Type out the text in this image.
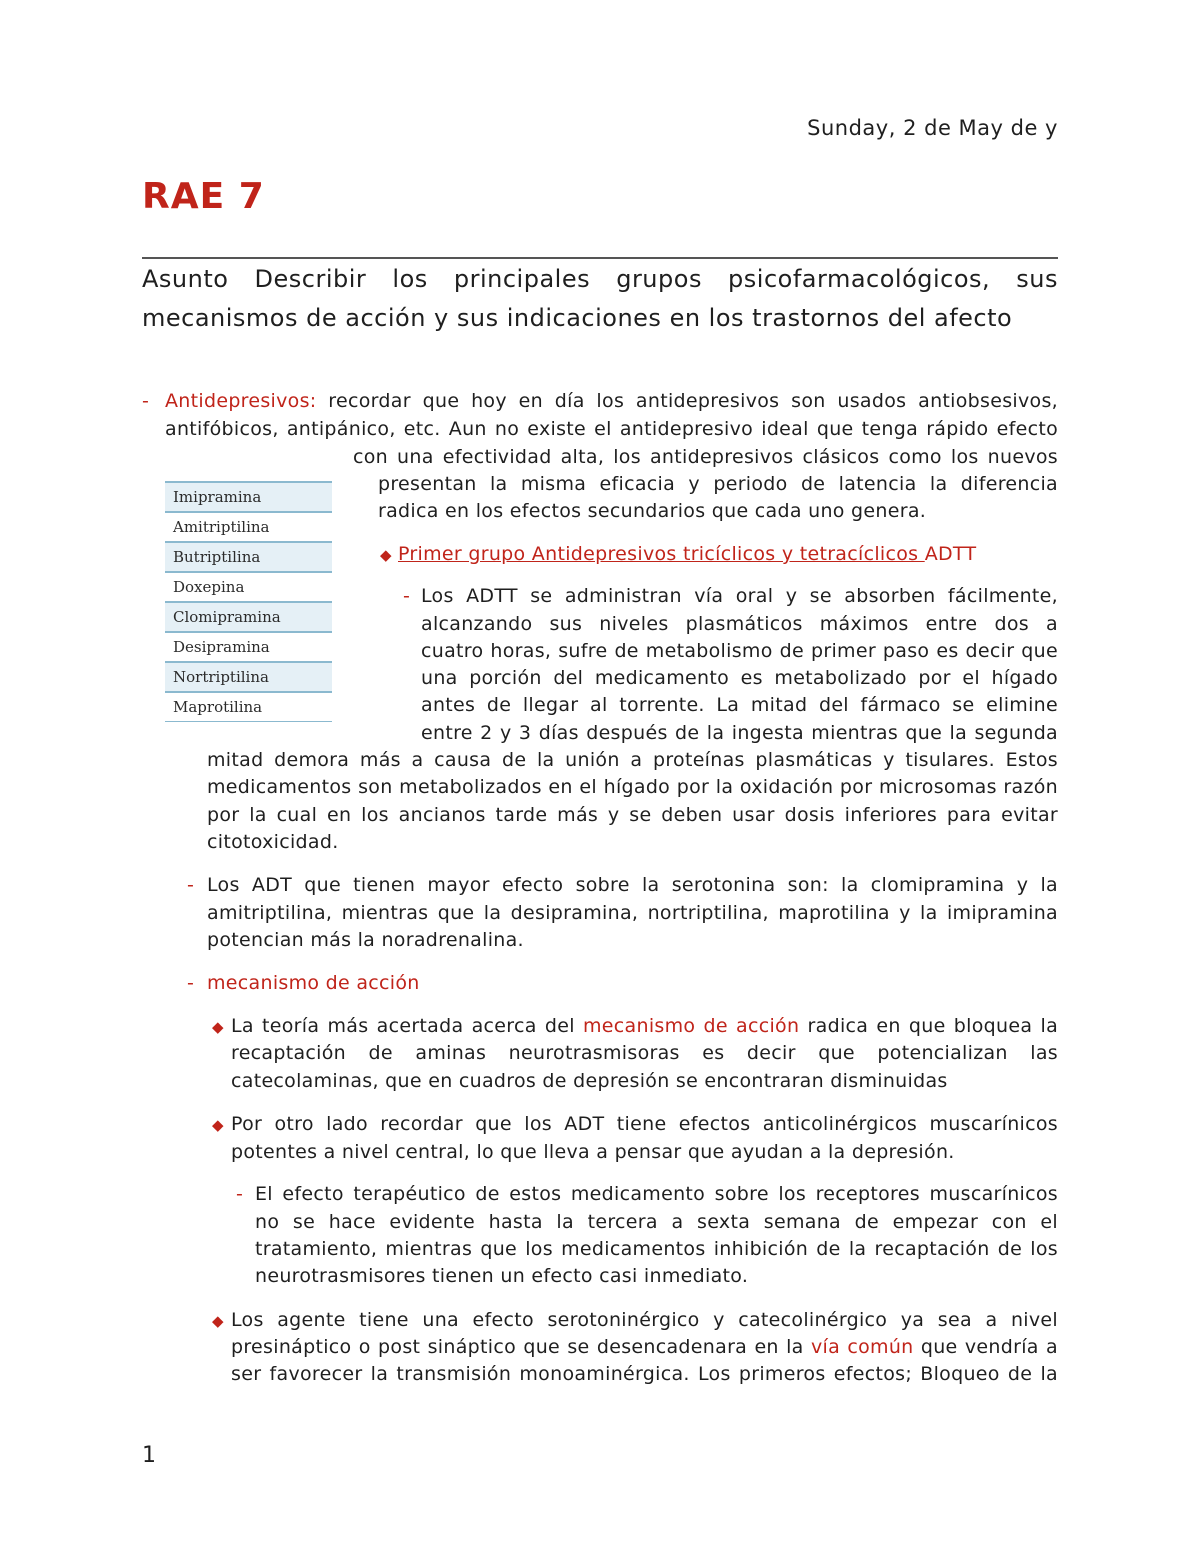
Sunday, 2 de May de y
RAE 7
Asunto Describir los principales grupos psicofarmacológicos, sus mecanismos de acción y sus indicaciones en los trastornos del afecto
- Antidepresivos: recordar que hoy en día los antidepresivos son usados antiobsesivos,
antifóbicos, antipánico, etc. Aun no existe el antidepresivo ideal que tenga rápido efecto
con una efectividad alta, los antidepresivos clásicos como los nuevos
presentan la misma eficacia y periodo de latencia la diferencia
radica en los efectos secundarios que cada uno genera.
Imipramina
Amitriptilina
Butriptilina
Doxepina
Clomipramina
Desipramina
Nortriptilina
Maprotilina
◆ Primer grupo Antidepresivos tricíclicos y tetracíclicos ADTT
- Los ADTT se administran vía oral y se absorben fácilmente,
alcanzando sus niveles plasmáticos máximos entre dos a
cuatro horas, sufre de metabolismo de primer paso es decir que
una porción del medicamento es metabolizado por el hígado
antes de llegar al torrente. La mitad del fármaco se elimine
entre 2 y 3 días después de la ingesta mientras que la segunda
mitad demora más a causa de la unión a proteínas plasmáticas y tisulares. Estos
medicamentos son metabolizados en el hígado por la oxidación por microsomas razón
por la cual en los ancianos tarde más y se deben usar dosis inferiores para evitar
citotoxicidad.
- Los ADT que tienen mayor efecto sobre la serotonina son: la clomipramina y la
amitriptilina, mientras que la desipramina, nortriptilina, maprotilina y la imipramina
potencian más la noradrenalina.
- mecanismo de acción
◆ La teoría más acertada acerca del mecanismo de acción radica en que bloquea la
recaptación de aminas neurotrasmisoras es decir que potencializan las
catecolaminas, que en cuadros de depresión se encontraran disminuidas
◆ Por otro lado recordar que los ADT tiene efectos anticolinérgicos muscarínicos
potentes a nivel central, lo que lleva a pensar que ayudan a la depresión.
- El efecto terapéutico de estos medicamento sobre los receptores muscarínicos
no se hace evidente hasta la tercera a sexta semana de empezar con el
tratamiento, mientras que los medicamentos inhibición de la recaptación de los
neurotrasmisores tienen un efecto casi inmediato.
◆ Los agente tiene una efecto serotoninérgico y catecolinérgico ya sea a nivel
presináptico o post sináptico que se desencadenara en la vía común que vendría a
ser favorecer la transmisión monoaminérgica. Los primeros efectos; Bloqueo de la
1
